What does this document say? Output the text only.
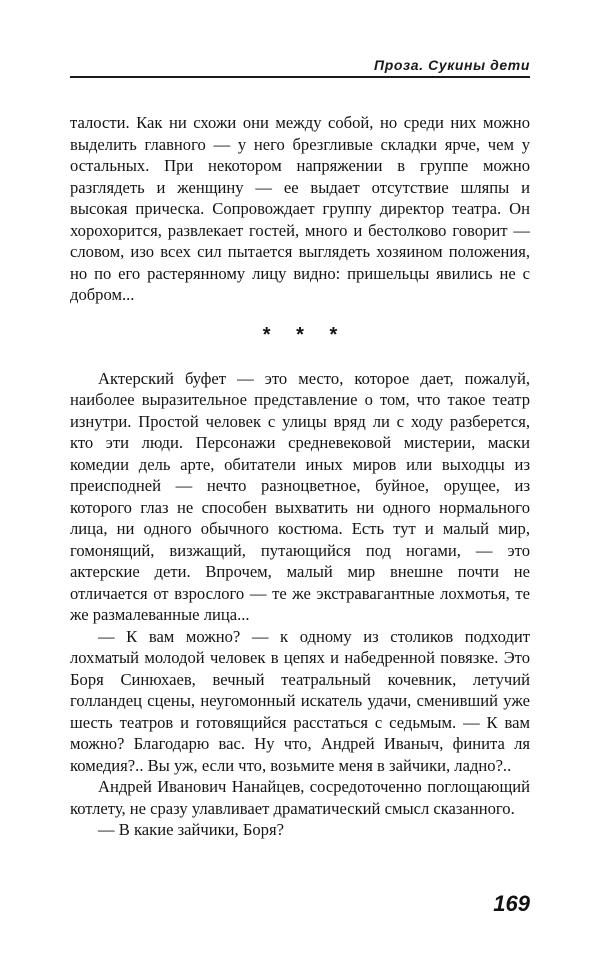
Проза. Сукины дети

талости. Как ни схожи они между собой, но среди них можно выделить главного — у него брезгливые складки ярче, чем у остальных. При некотором напряжении в группе можно разглядеть и женщину — ее выдает отсутствие шляпы и высокая прическа. Сопровождает группу директор театра. Он хорохорится, развлекает гостей, много и бестолково говорит — словом, изо всех сил пытается выглядеть хозяином положения, но по его растерянному лицу видно: пришельцы явились не с добром...

* * *

Актерский буфет — это место, которое дает, пожалуй, наиболее выразительное представление о том, что такое театр изнутри. Простой человек с улицы вряд ли с ходу разберется, кто эти люди. Персонажи средневековой мистерии, маски комедии дель арте, обитатели иных миров или выходцы из преисподней — нечто разноцветное, буйное, орущее, из которого глаз не способен выхватить ни одного нормального лица, ни одного обычного костюма. Есть тут и малый мир, гомонящий, визжащий, путающийся под ногами, — это актерские дети. Впрочем, малый мир внешне почти не отличается от взрослого — те же экстравагантные лохмотья, те же размалеванные лица...

— К вам можно? — к одному из столиков подходит лохматый молодой человек в цепях и набедренной повязке. Это Боря Синюхаев, вечный театральный кочевник, летучий голландец сцены, неугомонный искатель удачи, сменивший уже шесть театров и готовящийся расстаться с седьмым. — К вам можно? Благодарю вас. Ну что, Андрей Иваныч, финита ля комедия?.. Вы уж, если что, возьмите меня в зайчики, ладно?..

Андрей Иванович Нанайцев, сосредоточенно поглощающий котлету, не сразу улавливает драматический смысл сказанного.

— В какие зайчики, Боря?

169
